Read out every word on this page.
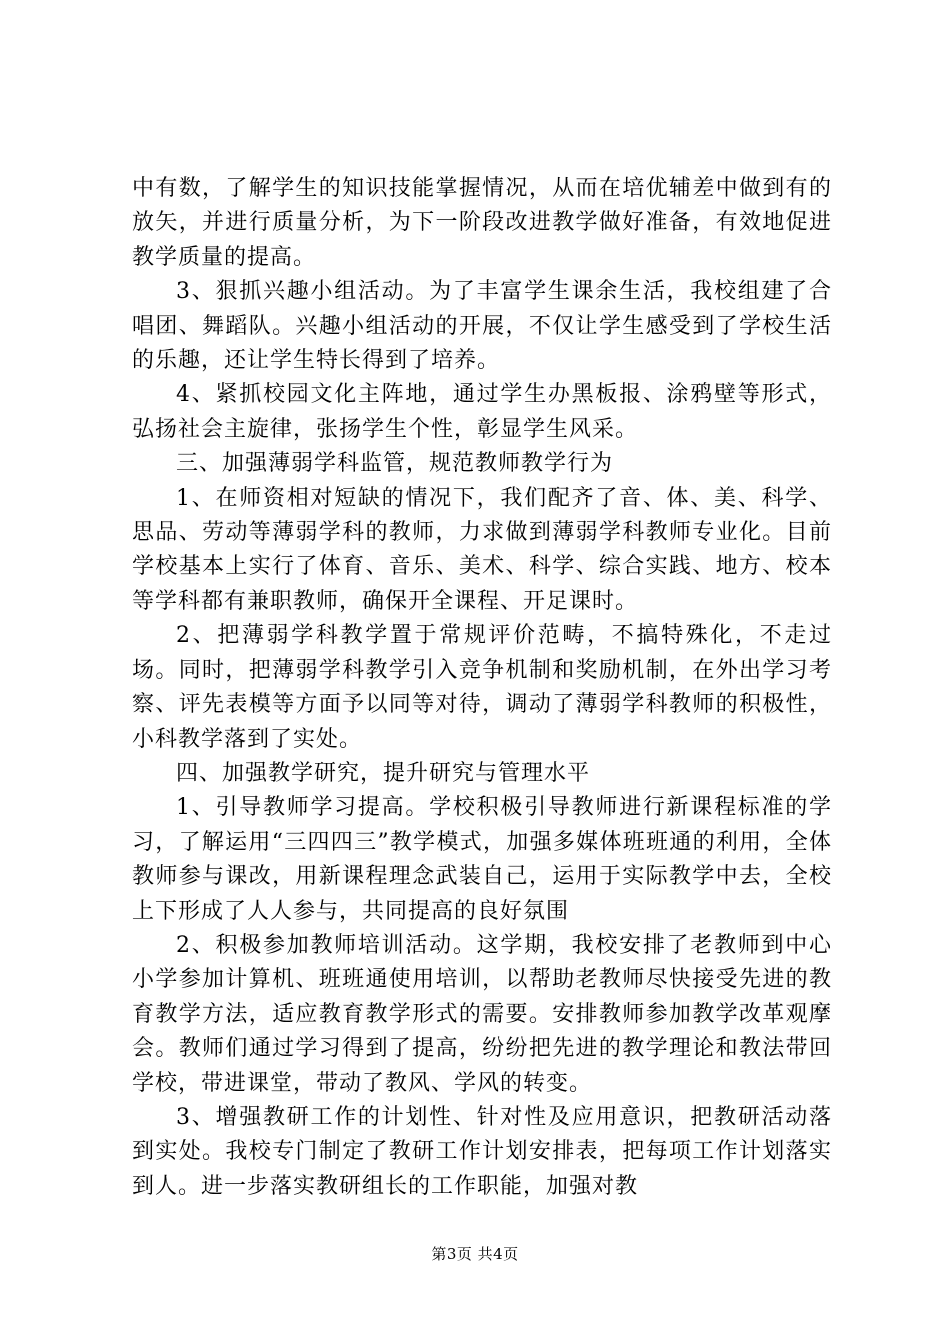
中有数，了解学生的知识技能掌握情况，从而在培优辅差中做到有的放矢，并进行质量分析，为下一阶段改进教学做好准备，有效地促进教学质量的提高。

3、狠抓兴趣小组活动。为了丰富学生课余生活，我校组建了合唱团、舞蹈队。兴趣小组活动的开展，不仅让学生感受到了学校生活的乐趣，还让学生特长得到了培养。

4、紧抓校园文化主阵地，通过学生办黑板报、涂鸦壁等形式，弘扬社会主旋律，张扬学生个性，彰显学生风采。

三、加强薄弱学科监管，规范教师教学行为

1、在师资相对短缺的情况下，我们配齐了音、体、美、科学、思品、劳动等薄弱学科的教师，力求做到薄弱学科教师专业化。目前学校基本上实行了体育、音乐、美术、科学、综合实践、地方、校本等学科都有兼职教师，确保开全课程、开足课时。

2、把薄弱学科教学置于常规评价范畴，不搞特殊化，不走过场。同时，把薄弱学科教学引入竞争机制和奖励机制，在外出学习考察、评先表模等方面予以同等对待，调动了薄弱学科教师的积极性，小科教学落到了实处。

四、加强教学研究，提升研究与管理水平

1、引导教师学习提高。学校积极引导教师进行新课程标准的学习，了解运用“三四四三”教学模式，加强多媒体班班通的利用，全体教师参与课改，用新课程理念武装自己，运用于实际教学中去，全校上下形成了人人参与，共同提高的良好氛围

2、积极参加教师培训活动。这学期，我校安排了老教师到中心小学参加计算机、班班通使用培训，以帮助老教师尽快接受先进的教育教学方法，适应教育教学形式的需要。安排教师参加教学改革观摩会。教师们通过学习得到了提高，纷纷把先进的教学理论和教法带回学校，带进课堂，带动了教风、学风的转变。

3、增强教研工作的计划性、针对性及应用意识，把教研活动落到实处。我校专门制定了教研工作计划安排表，把每项工作计划落实到人。进一步落实教研组长的工作职能，加强对教

第3页 共4页
